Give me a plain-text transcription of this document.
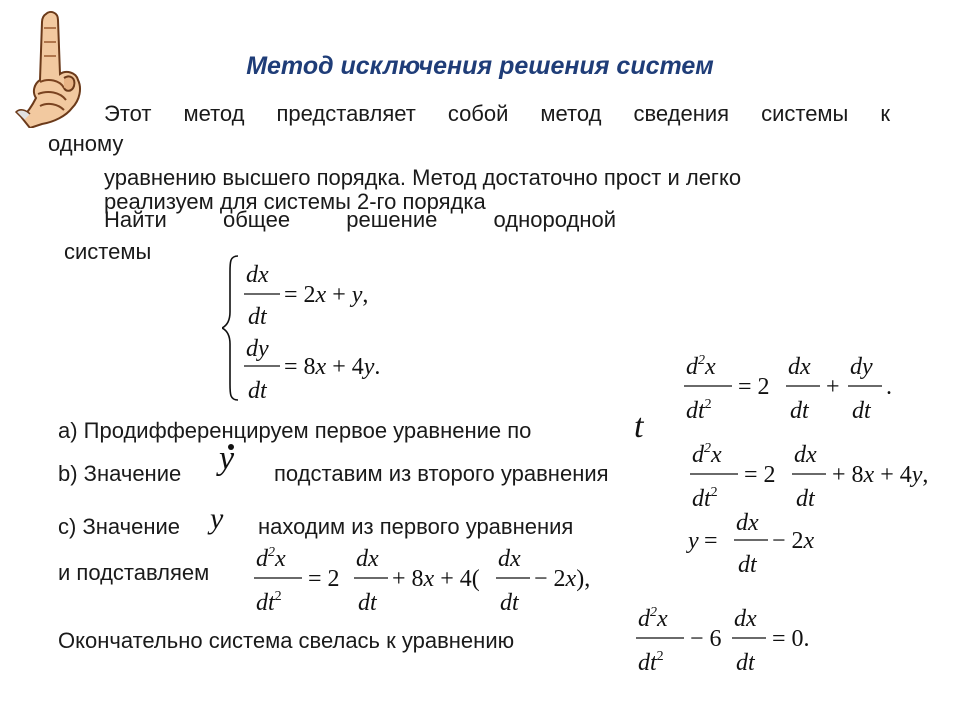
Метод исключения решения систем
Этот метод представляет собой метод сведения системы к
одному
уравнению высшего порядка. Метод достаточно прост и легко
реализуем для системы 2-го порядка
Найти общее решение однородной
системы
dx
dt
= 2x + y,
dy
dt
= 8x + 4y.	$d^2x$
$dt^2$
= 2
dx
dt
+
dy
dt
.
a) Продифференцируем первое уравнение по	t
b) Значение y подставим из второго уравнения
$d^2x$
$dt^2$
= 2
dx
dt
+ 8x + 4y,
c) Значение y находим из первого уравнения
y =
dx
dt
− 2x
и подставляем
$d^2x$
$dt^2$
= 2
dx
dt
+ 8x + 4(
dx
dt
− 2x),
Окончательно система свелась к уравнению
$d^2x$
$dt^2$
− 6
dx
dt
= 0.
